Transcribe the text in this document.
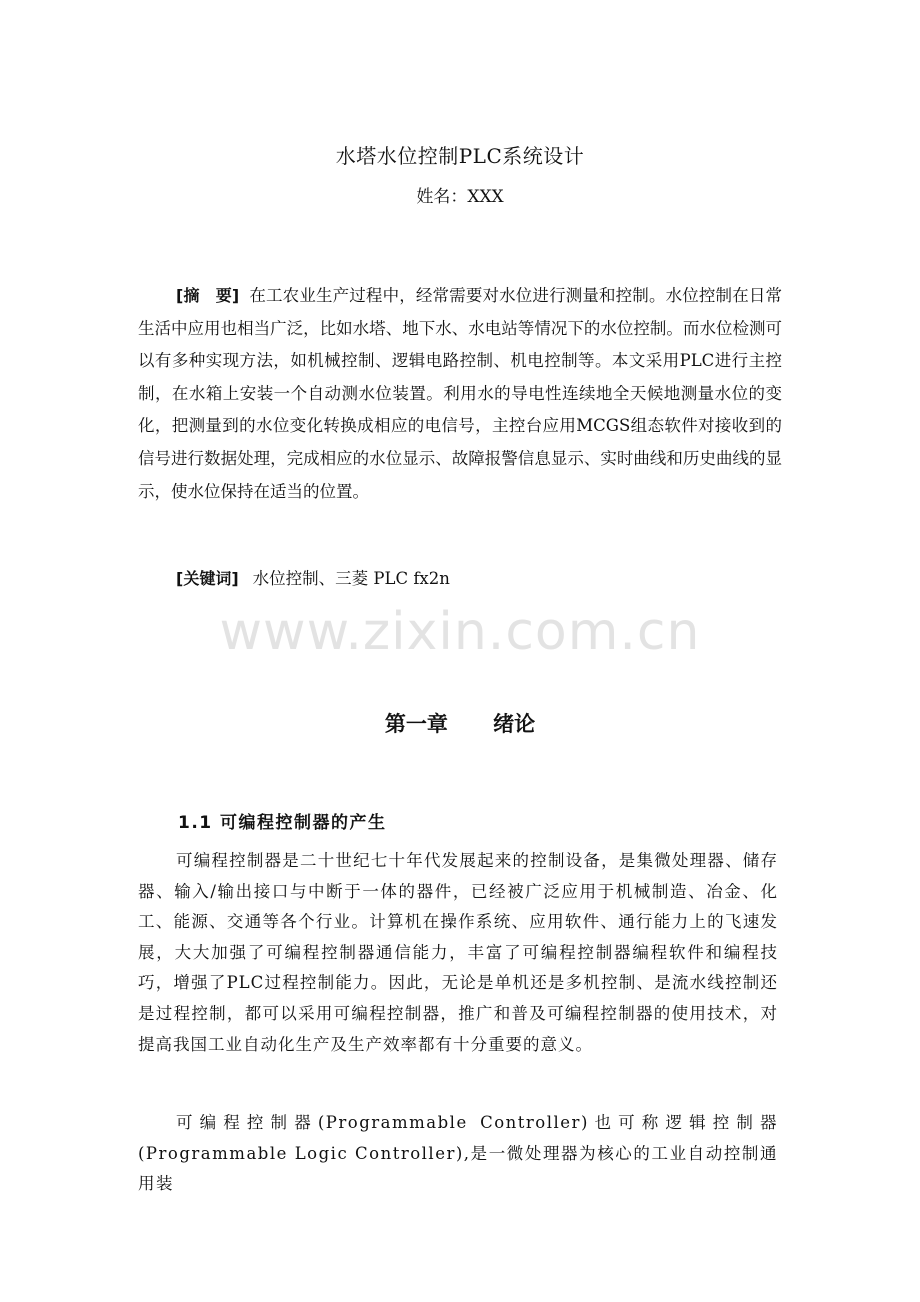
水塔水位控制PLC系统设计
姓名：XXX

[摘　要] 在工农业生产过程中，经常需要对水位进行测量和控制。水位控制在日常生活中应用也相当广泛，比如水塔、地下水、水电站等情况下的水位控制。而水位检测可以有多种实现方法，如机械控制、逻辑电路控制、机电控制等。本文采用PLC进行主控制，在水箱上安装一个自动测水位装置。利用水的导电性连续地全天候地测量水位的变化，把测量到的水位变化转换成相应的电信号，主控台应用MCGS组态软件对接收到的信号进行数据处理，完成相应的水位显示、故障报警信息显示、实时曲线和历史曲线的显示，使水位保持在适当的位置。

[关键词] 水位控制、三菱 PLC fx2n
www.zixin.com.cn
第一章 绪论
1.1 可编程控制器的产生

可编程控制器是二十世纪七十年代发展起来的控制设备，是集微处理器、储存器、输入/输出接口与中断于一体的器件，已经被广泛应用于机械制造、冶金、化工、能源、交通等各个行业。计算机在操作系统、应用软件、通行能力上的飞速发展，大大加强了可编程控制器通信能力，丰富了可编程控制器编程软件和编程技巧，增强了PLC过程控制能力。因此，无论是单机还是多机控制、是流水线控制还是过程控制，都可以采用可编程控制器，推广和普及可编程控制器的使用技术，对提高我国工业自动化生产及生产效率都有十分重要的意义。

可编程控制器(Programmable Controller)也可称逻辑控制器(Programmable Logic Controller),是一微处理器为核心的工业自动控制通用装
